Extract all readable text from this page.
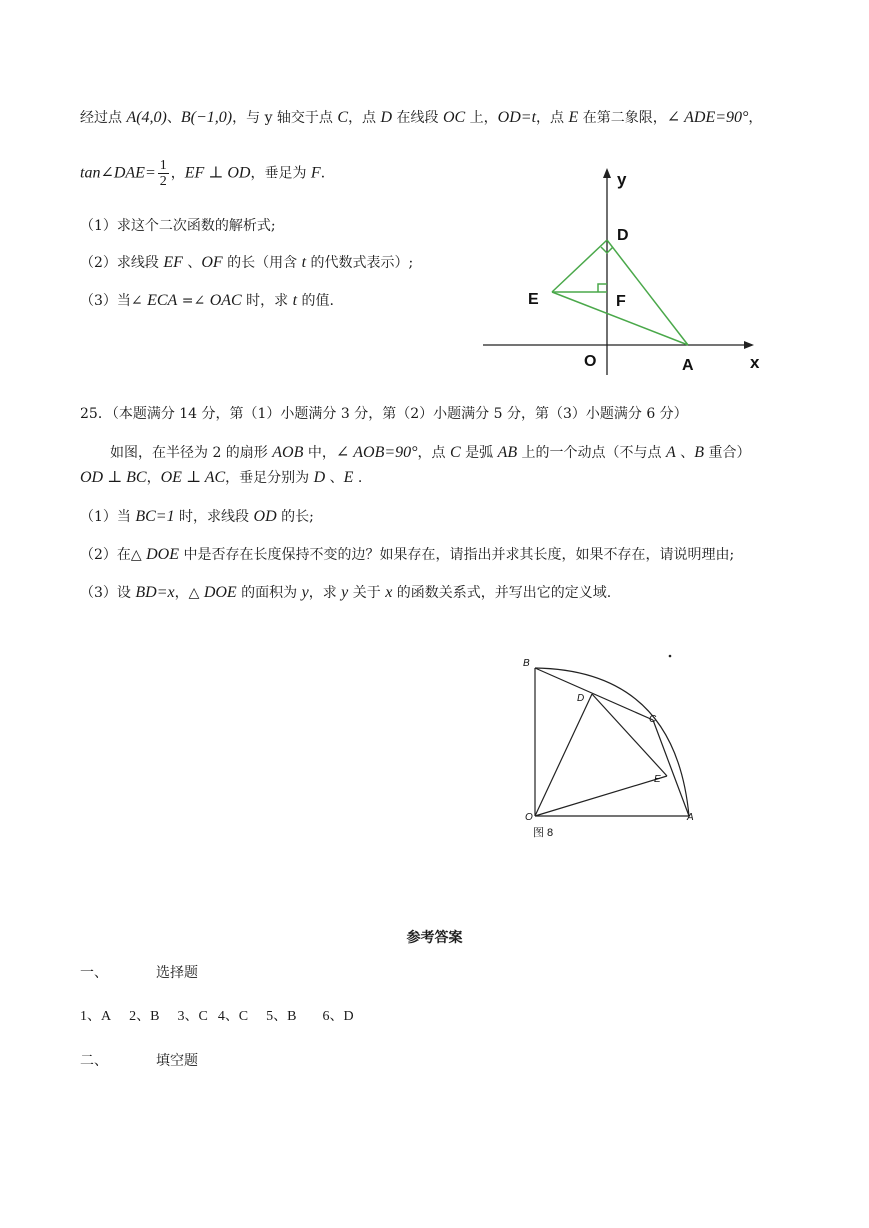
经过点 A(4,0)、B(−1,0)，与 y 轴交于点 C，点 D 在线段 OC 上，OD=t，点 E 在第二象限，∠ ADE=90°，
tan∠DAE= $\frac{1}{2}$ ，EF ⊥ OD，垂足为 F．
（1）求这个二次函数的解析式;
（2）求线段 EF 、OF 的长（用含 t 的代数式表示）;
（3）当∠ ECA =∠ OAC 时，求 t 的值.
y
x
D
E	F
O	A
25．（本题满分 14 分，第（1）小题满分 3 分，第（2）小题满分 5 分，第（3）小题满分 6 分）
如图，在半径为 2 的扇形 AOB 中，∠ AOB=90°，点 C 是弧 AB 上的一个动点（不与点 A 、B 重合）
OD ⊥ BC，OE ⊥ AC，垂足分别为 D 、E .
（1）当 BC=1 时，求线段 OD 的长;
（2）在△ DOE 中是否存在长度保持不变的边？如果存在，请指出并求其长度，如果不存在，请说明理由;
（3）设 BD=x，△ DOE 的面积为 y，求 y 关于 x 的函数关系式，并写出它的定义域.
B
D
C
E
O	A
图 8
参考答案
一、	选择题
1、A 2、B 3、C 4、C 5、B 6、D
二、	填空题
